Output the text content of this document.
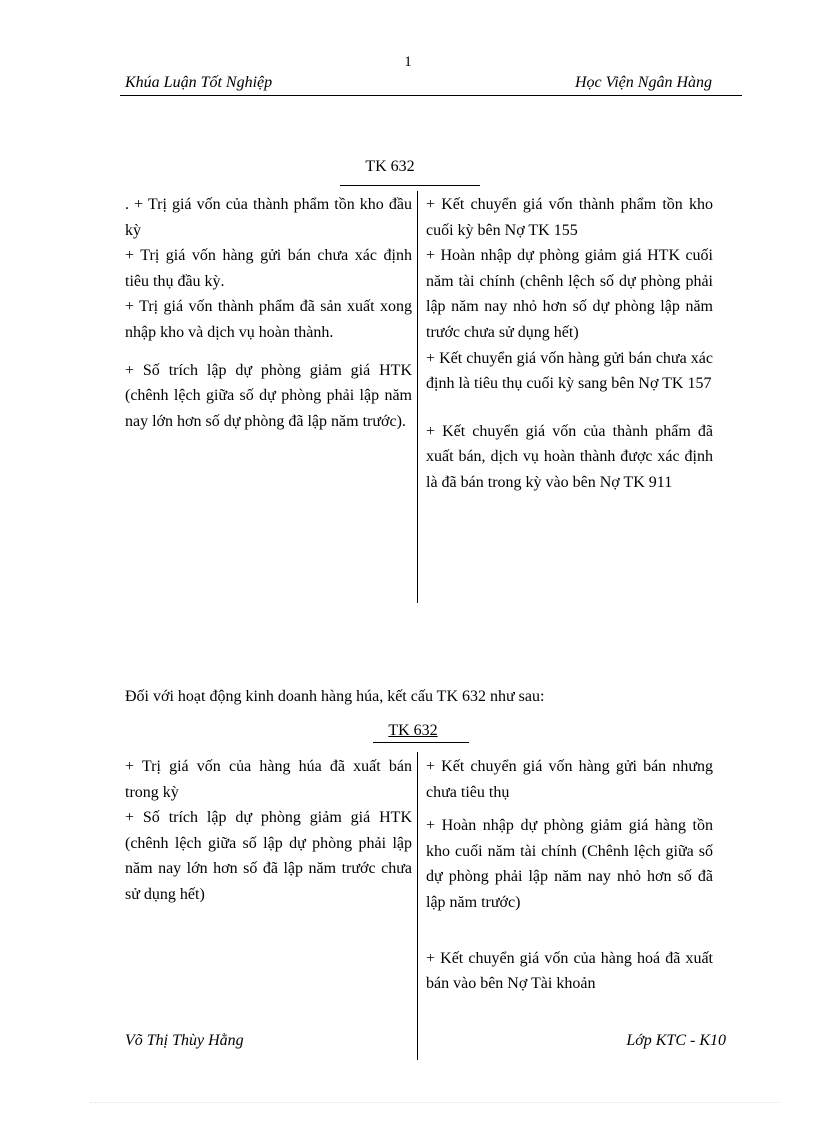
1
Khúa Luận Tốt Nghiệp	Học Viện Ngân Hàng
TK 632

. + Trị giá vốn của thành phẩm tồn kho đầu kỳ

+ Trị giá vốn hàng gửi bán chưa xác định tiêu thụ đầu kỳ.

+ Trị giá vốn thành phẩm đã sản xuất xong nhập kho và dịch vụ hoàn thành.

+ Số trích lập dự phòng giảm giá HTK (chênh lệch giữa số dự phòng phải lập năm nay lớn hơn số dự phòng đã lập năm trước).

+ Kết chuyển giá vốn thành phẩm tồn kho cuối kỳ bên Nợ TK 155

+ Hoàn nhập dự phòng giảm giá HTK cuối năm tài chính (chênh lệch số dự phòng phải lập năm nay nhỏ hơn số dự phòng lập năm trước chưa sử dụng hết)

+ Kết chuyển giá vốn hàng gửi bán chưa xác định là tiêu thụ cuối kỳ sang bên Nợ TK 157

+ Kết chuyển giá vốn của thành phẩm đã xuất bán, dịch vụ hoàn thành được xác định là đã bán trong kỳ vào bên Nợ TK 911

Đối với hoạt động kinh doanh hàng húa, kết cấu TK 632 như sau:
TK 632

+ Trị giá vốn của hàng húa đã xuất bán trong kỳ

+ Số trích lập dự phòng giảm giá HTK (chênh lệch giữa số lập dự phòng phải lập năm nay lớn hơn số đã lập năm trước chưa sử dụng hết)

+ Kết chuyển giá vốn hàng gửi bán nhưng chưa tiêu thụ

+ Hoàn nhập dự phòng giảm giá hàng tồn kho cuối năm tài chính (Chênh lệch giữa số dự phòng phải lập năm nay nhỏ hơn số đã lập năm trước)

+ Kết chuyển giá vốn của hàng hoá đã xuất bán vào bên Nợ Tài khoản

Võ Thị Thùy Hằng	Lớp KTC - K10
